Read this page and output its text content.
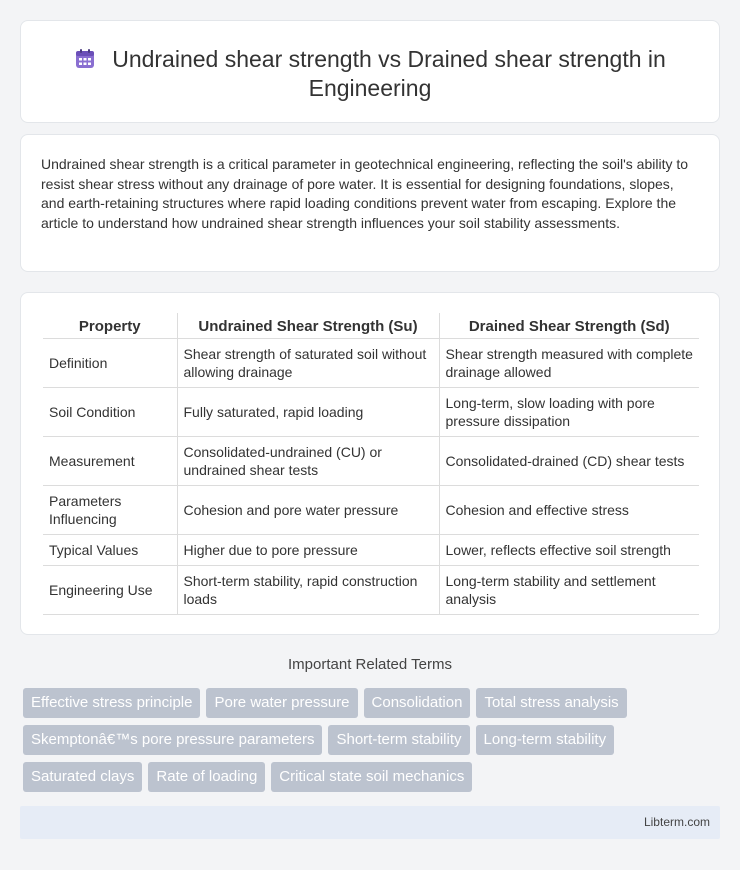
Undrained shear strength vs Drained shear strength in
Engineering

Undrained shear strength is a critical parameter in geotechnical engineering, reflecting the soil's ability to resist shear stress without any drainage of pore water. It is essential for designing foundations, slopes, and earth-retaining structures where rapid loading conditions prevent water from escaping. Explore the article to understand how undrained shear strength influences your soil stability assessments.

Property	Undrained Shear Strength (Su)	Drained Shear Strength (Sd)
Definition	Shear strength of saturated soil without allowing drainage	Shear strength measured with complete drainage allowed
Soil Condition	Fully saturated, rapid loading	Long-term, slow loading with pore pressure dissipation
Measurement	Consolidated-undrained (CU) or undrained shear tests	Consolidated-drained (CD) shear tests
Parameters Influencing	Cohesion and pore water pressure	Cohesion and effective stress
Typical Values	Higher due to pore pressure	Lower, reflects effective soil strength
Engineering Use	Short-term stability, rapid construction loads	Long-term stability and settlement analysis
Important Related Terms
Effective stress principle	Pore water pressure	Consolidation	Total stress analysis
Skemptonâ€™s pore pressure parameters	Short-term stability	Long-term stability
Saturated clays	Rate of loading	Critical state soil mechanics
Libterm.com
